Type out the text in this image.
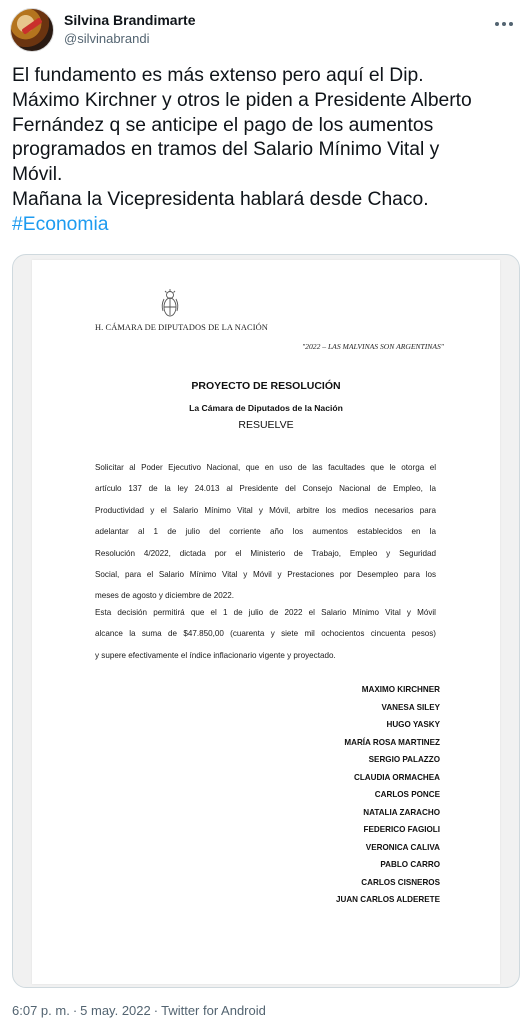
Silvina Brandimarte
@silvinabrandi
El fundamento es más extenso pero aquí el Dip.
Máximo Kirchner y otros le piden a Presidente Alberto
Fernández q se anticipe el pago de los aumentos
programados en tramos del Salario Mínimo Vital y
Móvil.
Mañana la Vicepresidenta hablará desde Chaco.
#Economia
H. CÁMARA DE DIPUTADOS DE LA NACIÓN
"2022 – LAS MALVINAS SON ARGENTINAS"
PROYECTO DE RESOLUCIÓN
La Cámara de Diputados de la Nación
RESUELVE
Solicitar al Poder Ejecutivo Nacional, que en uso de las facultades que le otorga el
artículo 137 de la ley 24.013 al Presidente del Consejo Nacional de Empleo, la
Productividad y el Salario Mínimo Vital y Móvil, arbitre los medios necesarios para
adelantar al 1 de julio del corriente año los aumentos establecidos en la
Resolución 4/2022, dictada por el Ministerio de Trabajo, Empleo y Seguridad
Social, para el Salario Mínimo Vital y Móvil y Prestaciones por Desempleo para los
meses de agosto y diciembre de 2022.
Esta decisión permitirá que el 1 de julio de 2022 el Salario Mínimo Vital y Móvil
alcance la suma de $47.850,00 (cuarenta y siete mil ochocientos cincuenta pesos)
y supere efectivamente el índice inflacionario vigente y proyectado.
MAXIMO KIRCHNER
VANESA SILEY
HUGO YASKY
MARÍA ROSA MARTINEZ
SERGIO PALAZZO
CLAUDIA ORMACHEA
CARLOS PONCE
NATALIA ZARACHO
FEDERICO FAGIOLI
VERONICA CALIVA
PABLO CARRO
CARLOS CISNEROS
JUAN CARLOS ALDERETE
6:07 p. m. · 5 may. 2022 · Twitter for Android
